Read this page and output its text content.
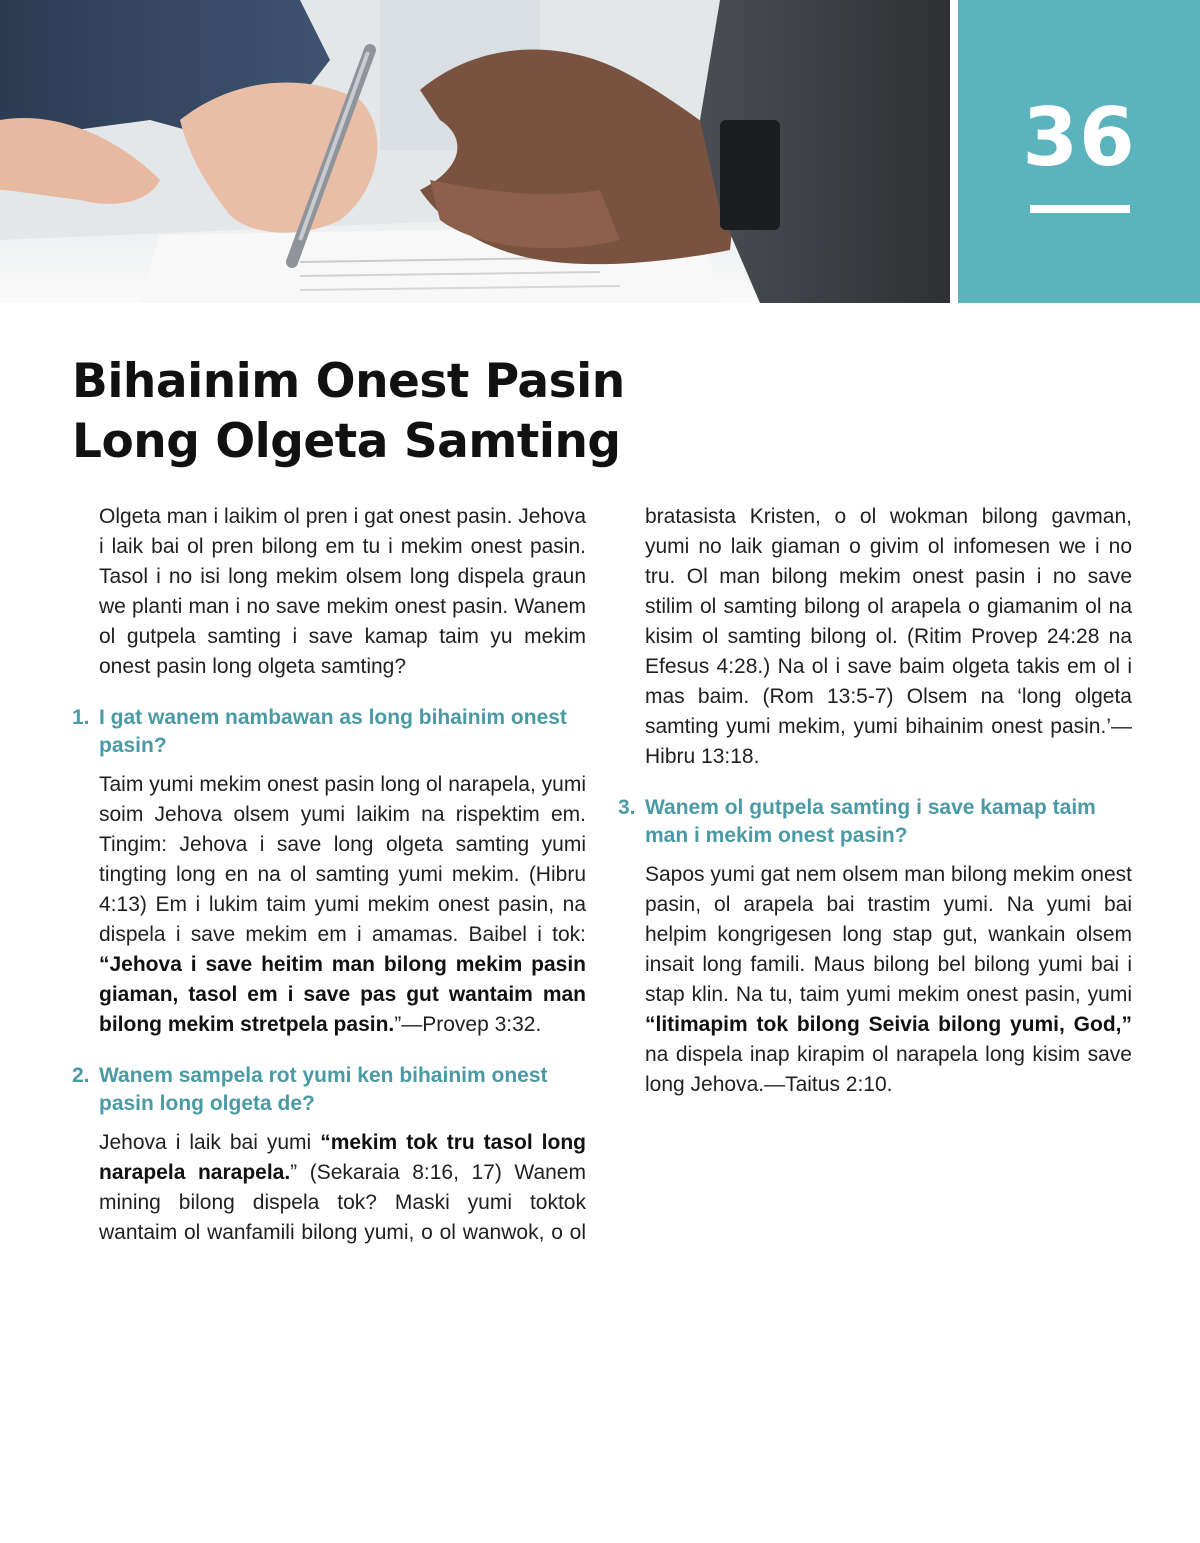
36
Bihainim Onest Pasin Long Olgeta Samting

Olgeta man i laikim ol pren i gat onest pasin. Jehova i laik bai ol pren bilong em tu i mekim onest pasin. Tasol i no isi long mekim olsem long dispela graun we planti man i no save mekim onest pasin. Wanem ol gutpela samting i save kamap taim yu mekim onest pasin long olgeta samting?

1. I gat wanem nambawan as long bihainim onest pasin?

Taim yumi mekim onest pasin long ol narapela, yumi soim Jehova olsem yumi laikim na rispektim em. Tingim: Jehova i save long olgeta samting yumi tingting long en na ol samting yumi mekim. (Hibru 4:13) Em i lukim taim yumi mekim onest pasin, na dispela i save mekim em i amamas. Baibel i tok: “Jehova i save heitim man bilong mekim pasin giaman, tasol em i save pas gut wantaim man bilong mekim stretpela pasin.”—Provep 3:32.

2. Wanem sampela rot yumi ken bihainim onest pasin long olgeta de?

Jehova i laik bai yumi “mekim tok tru tasol long narapela narapela.” (Sekaraia 8:16, 17) Wanem mining bilong dispela tok? Maski yumi toktok wantaim ol wanfamili bilong yumi, o ol wanwok, o ol

bratasista Kristen, o ol wokman bilong gavman, yumi no laik giaman o givim ol infomesen we i no tru. Ol man bilong mekim onest pasin i no save stilim ol samting bilong ol arapela o giamanim ol na kisim ol samting bilong ol. (Ritim Provep 24:28 na Efesus 4:28.) Na ol i save baim olgeta takis em ol i mas baim. (Rom 13:5-7) Olsem na ‘long olgeta samting yumi mekim, yumi bihainim onest pasin.’—Hibru 13:18.

3. Wanem ol gutpela samting i save kamap taim man i mekim onest pasin?

Sapos yumi gat nem olsem man bilong mekim onest pasin, ol arapela bai trastim yumi. Na yumi bai helpim kongrigesen long stap gut, wankain olsem insait long famili. Maus bilong bel bilong yumi bai i stap klin. Na tu, taim yumi mekim onest pasin, yumi “litimapim tok bilong Seivia bilong yumi, God,” na dispela inap kirapim ol narapela long kisim save long Jehova.—Taitus 2:10.
